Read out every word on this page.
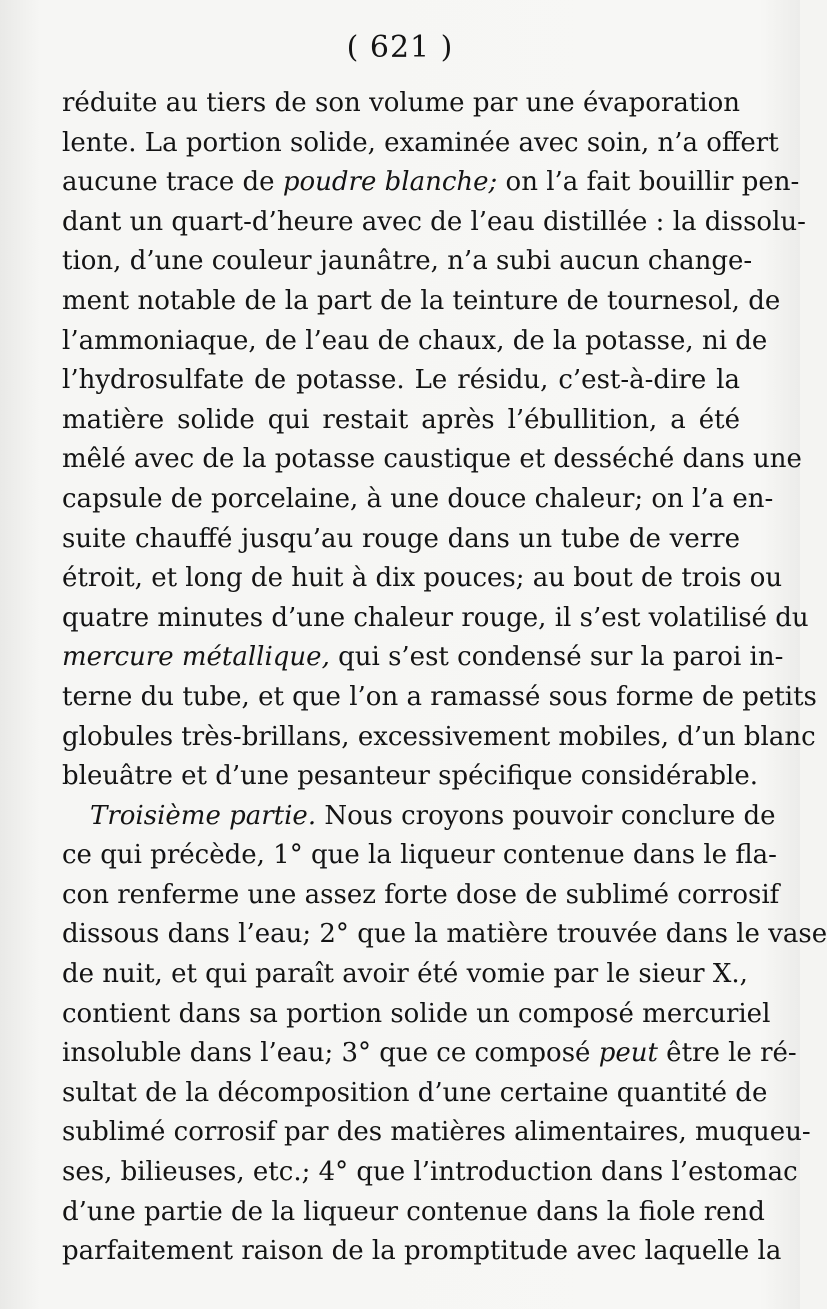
( 621 )
réduite au tiers de son volume par une évaporation
lente. La portion solide, examinée avec soin, n’a offert
aucune trace de poudre blanche; on l’a fait bouillir pen-
dant un quart-d’heure avec de l’eau distillée : la dissolu-
tion, d’une couleur jaunâtre, n’a subi aucun change-
ment notable de la part de la teinture de tournesol, de
l’ammoniaque, de l’eau de chaux, de la potasse, ni de
l’hydrosulfate de potasse. Le résidu, c’est-à-dire la
matière solide qui restait après l’ébullition, a été
mêlé avec de la potasse caustique et desséché dans une
capsule de porcelaine, à une douce chaleur; on l’a en-
suite chauffé jusqu’au rouge dans un tube de verre
étroit, et long de huit à dix pouces; au bout de trois ou
quatre minutes d’une chaleur rouge, il s’est volatilisé du
mercure métallique, qui s’est condensé sur la paroi in-
terne du tube, et que l’on a ramassé sous forme de petits
globules très-brillans, excessivement mobiles, d’un blanc
bleuâtre et d’une pesanteur spécifique considérable.
Troisième partie. Nous croyons pouvoir conclure de
ce qui précède, 1° que la liqueur contenue dans le fla-
con renferme une assez forte dose de sublimé corrosif
dissous dans l’eau; 2° que la matière trouvée dans le vase
de nuit, et qui paraît avoir été vomie par le sieur X.,
contient dans sa portion solide un composé mercuriel
insoluble dans l’eau; 3° que ce composé peut être le ré-
sultat de la décomposition d’une certaine quantité de
sublimé corrosif par des matières alimentaires, muqueu-
ses, bilieuses, etc.; 4° que l’introduction dans l’estomac
d’une partie de la liqueur contenue dans la fiole rend
parfaitement raison de la promptitude avec laquelle la
